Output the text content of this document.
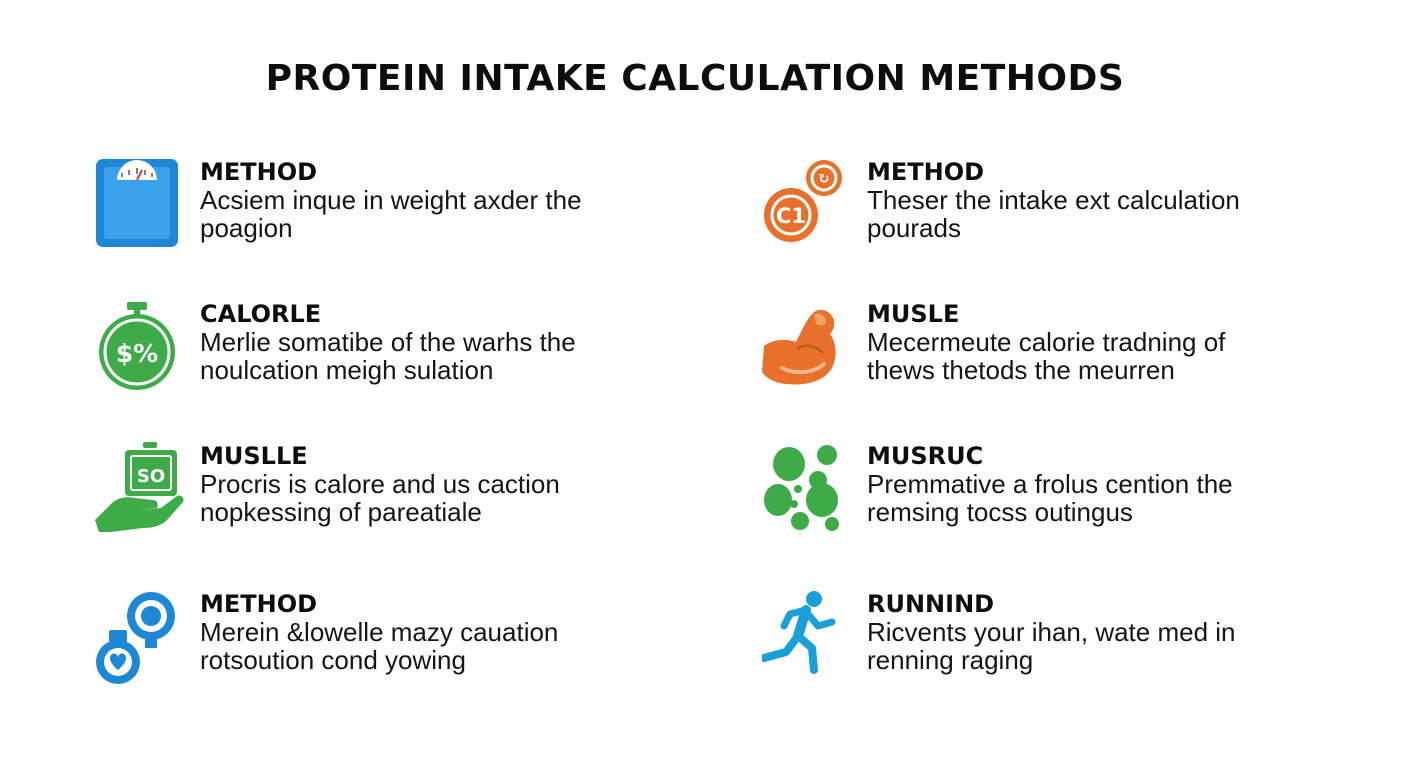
PROTEIN INTAKE CALCULATION METHODS
METHOD
Acsiem inque in weight axder the
poagion
↻
C1
METHOD
Theser the intake ext calculation
pourads
$%
CALORLE
Merlie somatibe of the warhs the
noulcation meigh sulation
MUSLE
Mecermeute calorie tradning of
thews thetods the meurren
SO
MUSLLE
Procris is calore and us caction
nopkessing of pareatiale
MUSRUC
Premmative a frolus cention the
remsing tocss outingus
METHOD
Merein &lowelle mazy cauation
rotsoution cond yowing
RUNNIND
Ricvents your ihan, wate med in
renning raging
